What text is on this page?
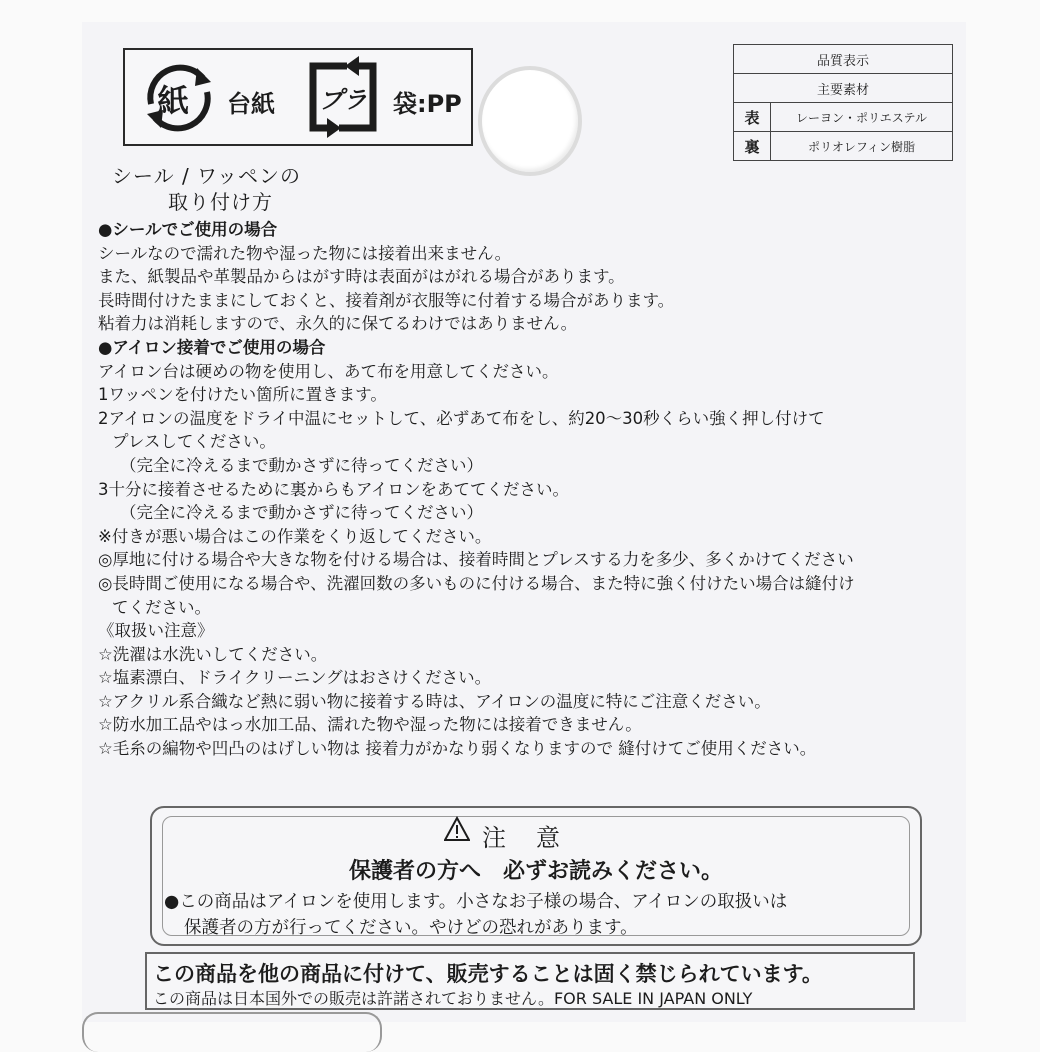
紙 台紙 プラ 袋:PP
品質表示	
主要素材	
表	レーヨン・ポリエステル
裏	ポリオレフィン樹脂
シール / ワッペンの
取り付け方
●シールでご使用の場合
シールなので濡れた物や湿った物には接着出来ません。
また、紙製品や革製品からはがす時は表面がはがれる場合があります。
長時間付けたままにしておくと、接着剤が衣服等に付着する場合があります。
粘着力は消耗しますので、永久的に保てるわけではありません。
●アイロン接着でご使用の場合
アイロン台は硬めの物を使用し、あて布を用意してください。
1ワッペンを付けたい箇所に置きます。
2アイロンの温度をドライ中温にセットして、必ずあて布をし、約20～30秒くらい強く押し付けて
プレスしてください。
（完全に冷えるまで動かさずに待ってください）
3十分に接着させるために裏からもアイロンをあててください。
（完全に冷えるまで動かさずに待ってください）
※付きが悪い場合はこの作業をくり返してください。
◎厚地に付ける場合や大きな物を付ける場合は、接着時間とプレスする力を多少、多くかけてください
◎長時間ご使用になる場合や、洗濯回数の多いものに付ける場合、また特に強く付けたい場合は縫付け
てください。
《取扱い注意》
☆洗濯は水洗いしてください。
☆塩素漂白、ドライクリーニングはおさけください。
☆アクリル系合織など熱に弱い物に接着する時は、アイロンの温度に特にご注意ください。
☆防水加工品やはっ水加工品、濡れた物や湿った物には接着できません。
☆毛糸の編物や凹凸のはげしい物は 接着力がかなり弱くなりますので 縫付けてご使用ください。
注意
保護者の方へ　必ずお読みください。
●この商品はアイロンを使用します。小さなお子様の場合、アイロンの取扱いは
保護者の方が行ってください。やけどの恐れがあります。
この商品を他の商品に付けて、販売することは固く禁じられています。
この商品は日本国外での販売は許諾されておりません。FOR SALE IN JAPAN ONLY
